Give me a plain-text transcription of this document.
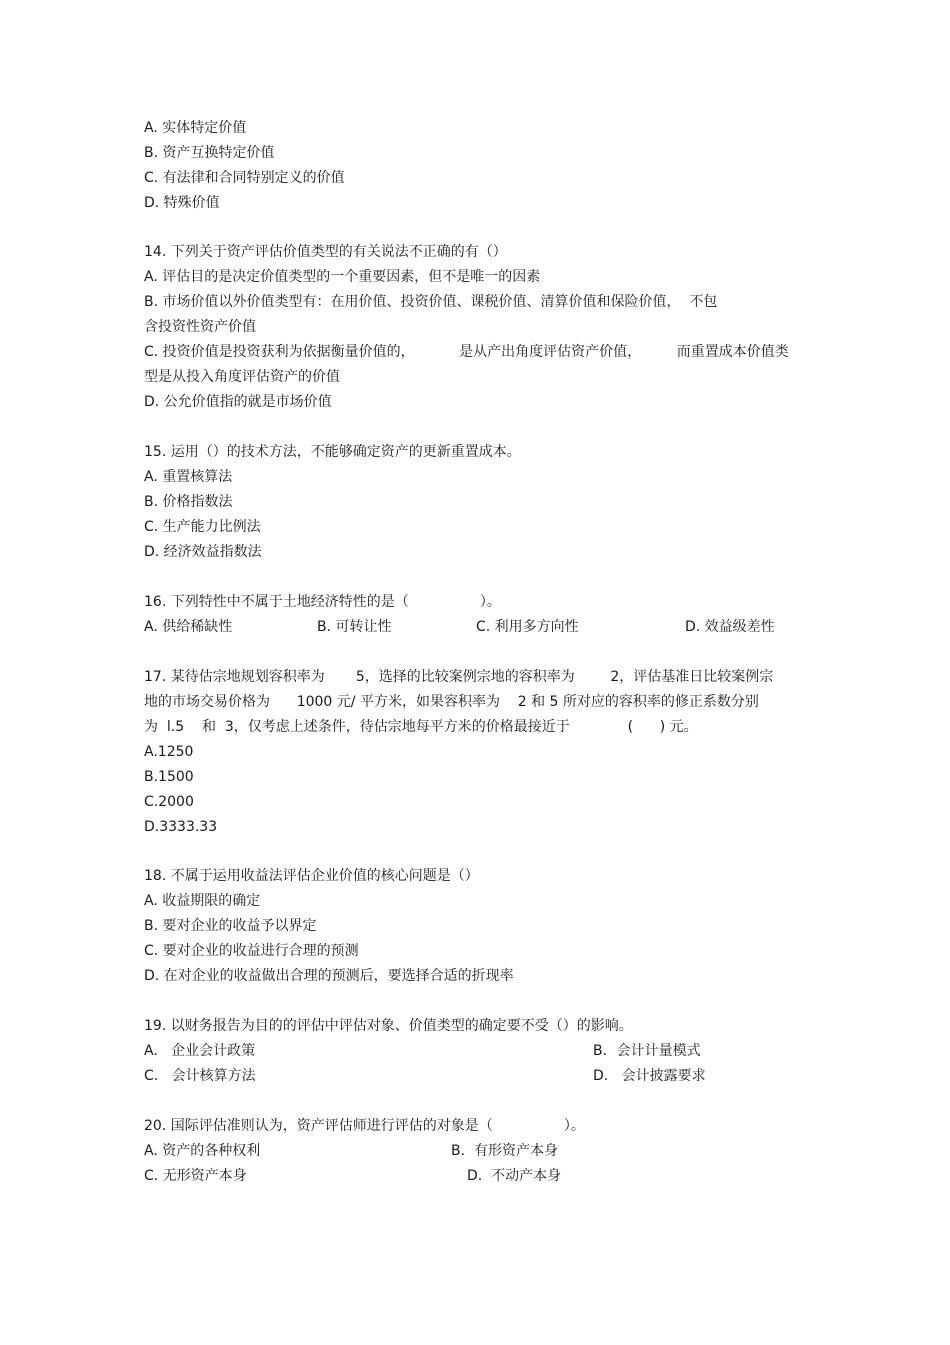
A. 实体特定价值
B. 资产互换特定价值
C. 有法律和合同特别定义的价值
D. 特殊价值
14. 下列关于资产评估价值类型的有关说法不正确的有（）
A. 评估目的是决定价值类型的一个重要因素，但不是唯一的因素
B. 市场价值以外价值类型有：在用价值、投资价值、课税价值、清算价值和保险价值，  不包
含投资性资产价值
C. 投资价值是投资获利为依据衡量价值的，          是从产出角度评估资产价值，        而重置成本价值类
型是从投入角度评估资产的价值
D. 公允价值指的就是市场价值
15. 运用（）的技术方法，不能够确定资产的更新重置成本。
A. 重置核算法
B. 价格指数法
C. 生产能力比例法
D. 经济效益指数法
16. 下列特性中不属于土地经济特性的是（                ）。
A. 供给稀缺性	B. 可转让性	C. 利用多方向性	D. 效益级差性
17. 某待估宗地规划容积率为       5，选择的比较案例宗地的容积率为        2，评估基准日比较案例宗
地的市场交易价格为      1000 元/ 平方米，如果容积率为    2 和 5 所对应的容积率的修正系数分别
为  l.5    和  3，仅考虑上述条件，待估宗地每平方米的价格最接近于             (      ) 元。
A.1250
B.1500
C.2000
D.3333.33
18. 不属于运用收益法评估企业价值的核心问题是（）
A. 收益期限的确定
B. 要对企业的收益予以界定
C. 要对企业的收益进行合理的预测
D. 在对企业的收益做出合理的预测后，要选择合适的折现率
19. 以财务报告为目的的评估中评估对象、价值类型的确定要不受（）的影响。
A.   企业会计政策	B．会计计量模式
C.   会计核算方法	D.   会计披露要求
20. 国际评估准则认为，资产评估师进行评估的对象是（                ）。
A. 资产的各种权利	B.  有形资产本身
C. 无形资产本身	D.  不动产本身
